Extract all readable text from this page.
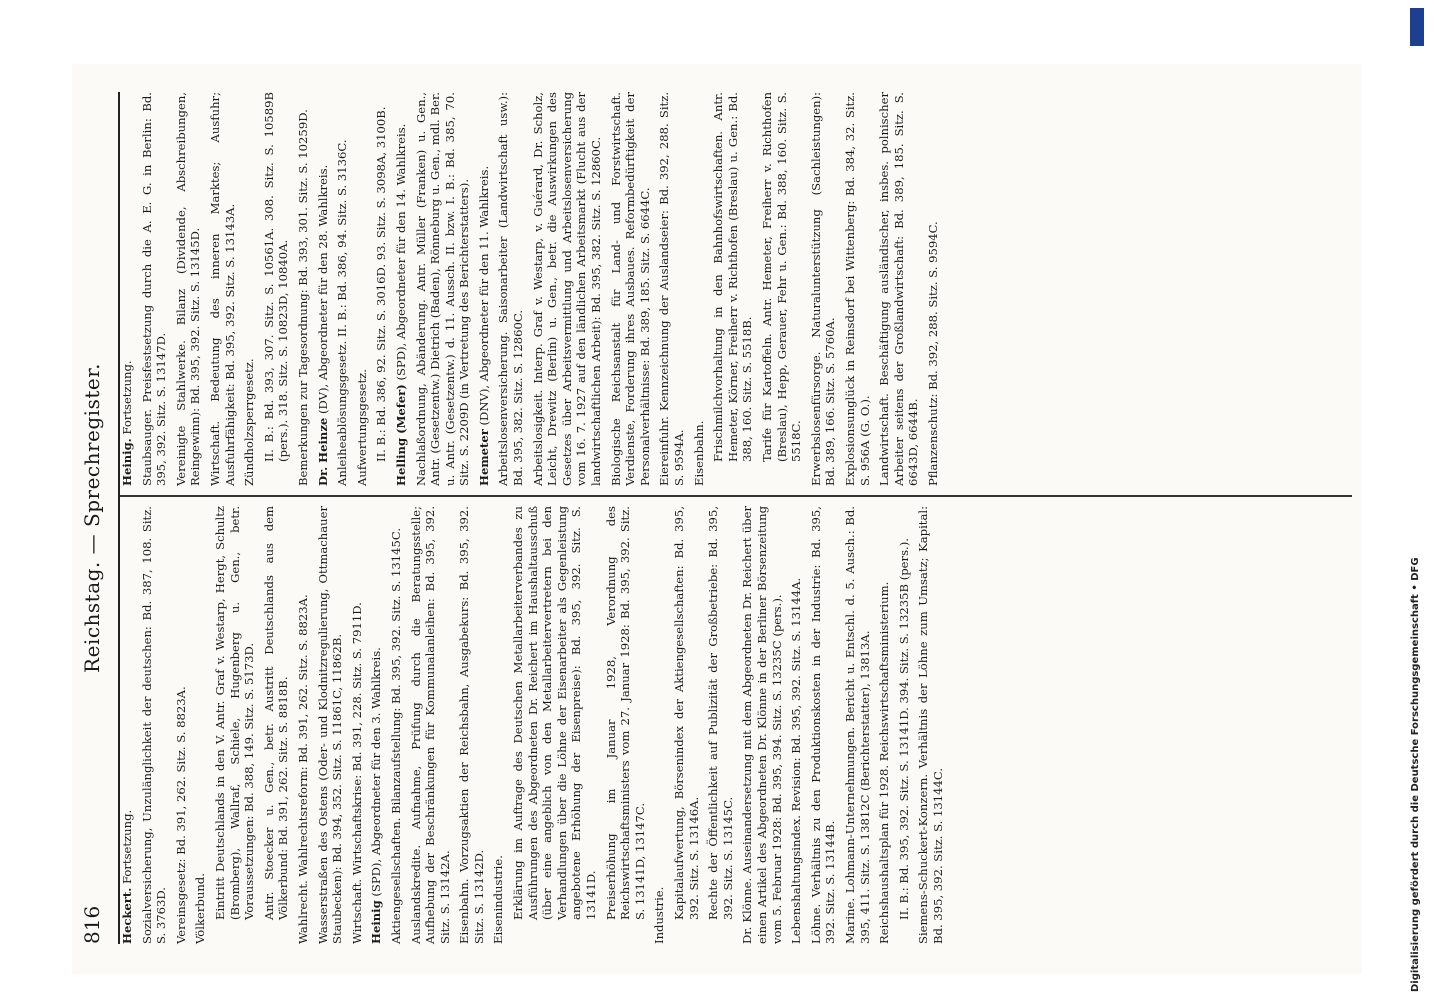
816
Reichstag. — Sprechregister.

Heckert. Fortsetzung. Sozialversicherung, Unzulänglichkeit der deutschen: Bd. 387, 108. Sitz. S. 3763D. Vereinsgesetz: Bd. 391, 262. Sitz. S. 8823A. Völkerbund. Eintritt Deutschlands in den V. Antr. Graf v. Westarp, Hergt, Schultz (Bromberg), Wallraf, Schiele, Hugenberg u. Gen., betr. Voraussetzungen: Bd. 388, 149. Sitz. S. 5173D. Antr. Stoecker u. Gen., betr. Austritt Deutschlands aus dem Völkerbund: Bd. 391, 262. Sitz. S. 8818B. Wahlrecht. Wahlrechtsreform: Bd. 391, 262. Sitz. S. 8823A. Wasserstraßen des Ostens (Oder- und Klodnitzregulierung, Ottmachauer Staubecken): Bd. 394, 352. Sitz. S. 11861C, 11862B. Wirtschaft. Wirtschaftskrise: Bd. 391, 228. Sitz. S. 7911D. Heinig (SPD), Abgeordneter für den 3. Wahlkreis. Aktiengesellschaften. Bilanzaufstellung: Bd. 395, 392. Sitz. S. 13145C. Auslandskredite. Aufnahme, Prüfung durch die Beratungsstelle; Aufhebung der Beschränkungen für Kommunalanleihen: Bd. 395, 392. Sitz. S. 13142A. Eisenbahn. Vorzugsaktien der Reichsbahn, Ausgabekurs: Bd. 395, 392. Sitz. S. 13142D. Eisenindustrie. Erklärung im Auftrage des Deutschen Metallarbeiterverbandes zu Ausführungen des Abgeordneten Dr. Reichert im Haushaltausschuß (über eine angeblich von den Metallarbeitervertretern bei den Verhandlungen über die Löhne der Eisenarbeiter als Gegenleistung angebotene Erhöhung der Eisenpreise): Bd. 395, 392. Sitz. S. 13141D. Preiserhöhung im Januar 1928, Verordnung des Reichswirtschaftsministers vom 27. Januar 1928: Bd. 395, 392. Sitz. S. 13141D, 13147C. Industrie. Kapitalaufwertung, Börsenindex der Aktiengesellschaften: Bd. 395, 392. Sitz. S. 13146A. Rechte der Öffentlichkeit auf Publizität der Großbetriebe: Bd. 395, 392. Sitz. S. 13145C. Dr. Klönne. Auseinandersetzung mit dem Abgeordneten Dr. Reichert über einen Artikel des Abgeordneten Dr. Klönne in der Berliner Börsenzeitung vom 5. Februar 1928: Bd. 395, 394. Sitz. S. 13235C (pers.). Lebenshaltungsindex. Revision: Bd. 395, 392. Sitz. S. 13144A. Löhne. Verhältnis zu den Produktionskosten in der Industrie: Bd. 395, 392. Sitz. S. 13144B. Marine. Lohmann-Unternehmungen. Bericht u. Entschl. d. 5. Ausch.: Bd. 395, 411. Sitz. S. 13812C (Berichterstatter), 13813A. Reichshaushaltsplan für 1928. Reichswirtschaftsministerium. II. B.: Bd. 395, 392. Sitz. S. 13141D. 394. Sitz. S. 13235B (pers.). Siemens-Schuckert-Konzern. Verhältnis der Löhne zum Umsatz; Kapital: Bd. 395, 392. Sitz. S. 13144C.

Heinig. Fortsetzung. Staubsauger. Preisfestsetzung durch die A. E. G. in Berlin: Bd. 395, 392. Sitz. S. 13147D. Vereinigte Stahlwerke. Bilanz (Dividende, Abschreibungen, Reingewinn): Bd. 395, 392. Sitz. S. 13145D. Wirtschaft. Bedeutung des inneren Marktes; Ausfuhr; Ausfuhrfähigkeit: Bd. 395, 392. Sitz. S. 13143A. Zündholzsperrgesetz. II. B.: Bd. 393, 307. Sitz. S. 10561A. 308. Sitz. S. 10589B (pers.). 318. Sitz. S. 10823D, 10840A. Bemerkungen zur Tagesordnung: Bd. 393, 301. Sitz. S. 10259D. Dr. Heinze (DV), Abgeordneter für den 28. Wahlkreis. Anleiheablösungsgesetz. II. B.: Bd. 386, 94. Sitz. S. 3136C. Aufwertungsgesetz. II. B.: Bd. 386, 92. Sitz. S. 3016D. 93. Sitz. S. 3098A, 3100B. Helling (Mefer) (SPD), Abgeordneter für den 14. Wahlkreis. Nachlaßordnung, Abänderung. Antr. Müller (Franken) u. Gen., Antr. (Gesetzentw.) Dietrich (Baden), Rönneburg u. Gen., mdl. Ber. u. Antr. (Gesetzentw.) d. 11. Aussch. II. bzw. I. B.: Bd. 385, 70. Sitz. S. 2209D (in Vertretung des Berichterstatters). Hemeter (DNV), Abgeordneter für den 11. Wahlkreis. Arbeitslosenversicherung. Saisonarbeiter (Landwirtschaft usw.): Bd. 395, 382. Sitz. S. 12860C. Arbeitslosigkeit. Interp. Graf v. Westarp, v. Guérard, Dr. Scholz, Leicht, Drewitz (Berlin) u. Gen., betr. die Auswirkungen des Gesetzes über Arbeitsvermittlung und Arbeitslosenversicherung vom 16. 7. 1927 auf den ländlichen Arbeitsmarkt (Flucht aus der landwirtschaftlichen Arbeit): Bd. 395, 382. Sitz. S. 12860C. Biologische Reichsanstalt für Land- und Forstwirtschaft. Verdienste, Forderung ihres Ausbaues. Reformbedürftigkeit der Personalverhältnisse: Bd. 389, 185. Sitz. S. 6644C. Eiereinfuhr. Kennzeichnung der Auslandseier: Bd. 392, 288. Sitz. S. 9594A. Eisenbahn. Frischmilchvorhaltung in den Bahnhofswirtschaften. Antr. Hemeter, Körner, Freiherr v. Richthofen (Breslau) u. Gen.: Bd. 388, 160. Sitz. S. 5518B. Tarife für Kartoffeln. Antr. Hemeter, Freiherr v. Richthofen (Breslau), Hepp, Gerauer, Fehr u. Gen.: Bd. 388, 160. Sitz. S. 5518C. Erwerbslosenfürsorge. Naturalunterstützung (Sachleistungen): Bd. 389, 166. Sitz. S. 5760A. Explosionsunglück in Reinsdorf bei Wittenberg: Bd. 384, 32. Sitz. S. 956A (G. O.). Landwirtschaft. Beschäftigung ausländischer, insbes. polnischer Arbeiter seitens der Großlandwirtschaft: Bd. 389, 185. Sitz. S. 6643D, 6644B. Pflanzenschutz: Bd. 392, 288. Sitz. S. 9594C.

Digitalisierung gefördert durch die Deutsche Forschungsgemeinschaft • DFG
